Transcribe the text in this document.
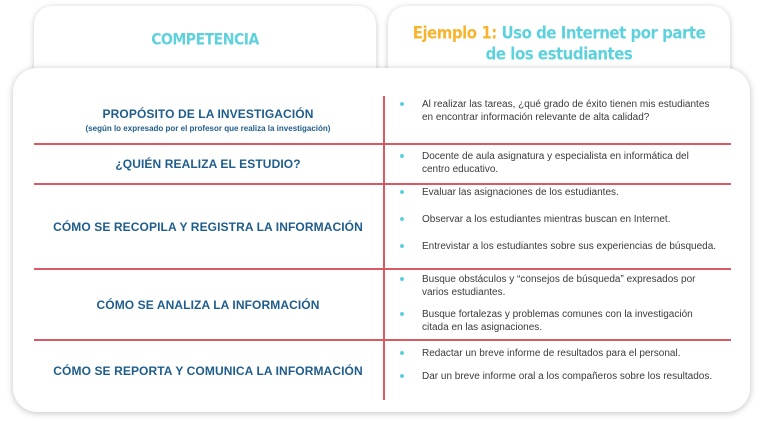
COMPETENCIA	Ejemplo 1: Uso de Internet por parte
de los estudiantes
PROPÓSITO DE LA INVESTIGACIÓN
(según lo expresado por el profesor que realiza la investigación)
Al realizar las tareas, ¿qué grado de éxito tienen mis estudiantes en encontrar información relevante de alta calidad?
¿QUIÉN REALIZA EL ESTUDIO?
Docente de aula asignatura y especialista en informática del centro educativo.
CÓMO SE RECOPILA Y REGISTRA LA INFORMACIÓN
Evaluar las asignaciones de los estudiantes.
Observar a los estudiantes mientras buscan en Internet.
Entrevistar a los estudiantes sobre sus experiencias de búsqueda.
CÓMO SE ANALIZA LA INFORMACIÓN
Busque obstáculos y “consejos de búsqueda” expresados por varios estudiantes.
Busque fortalezas y problemas comunes con la investigación citada en las asignaciones.
CÓMO SE REPORTA Y COMUNICA LA INFORMACIÓN
Redactar un breve informe de resultados para el personal.
Dar un breve informe oral a los compañeros sobre los resultados.
